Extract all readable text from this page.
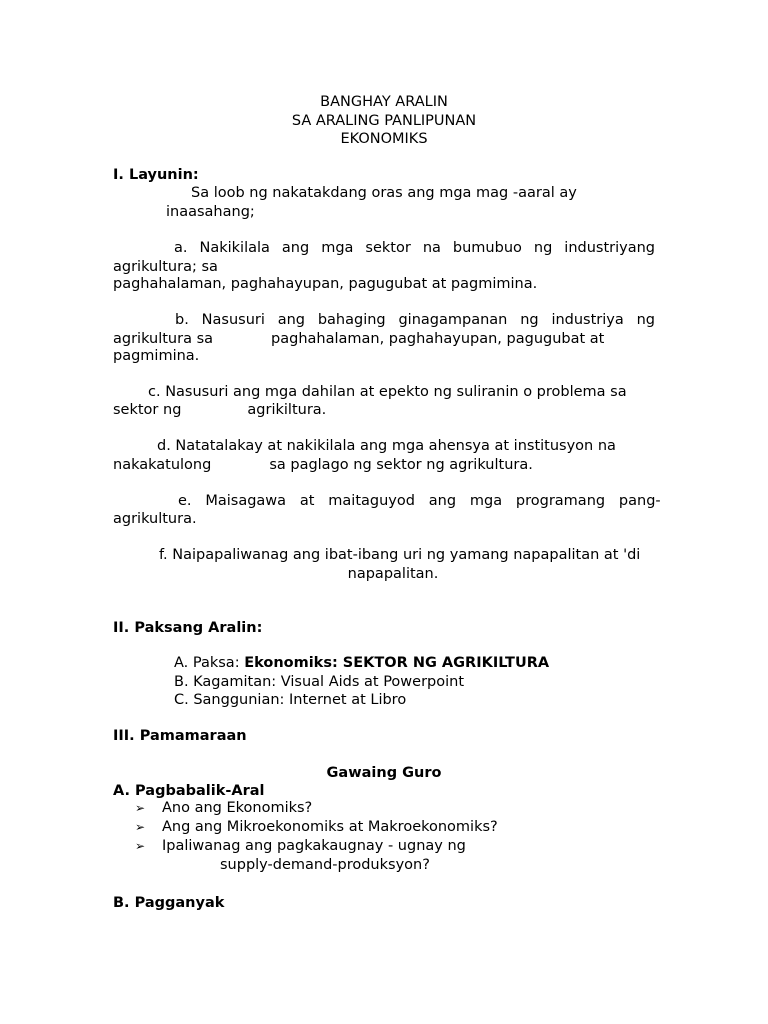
BANGHAY ARALIN
SA ARALING PANLIPUNAN
EKONOMIKS
I. Layunin:
Sa loob ng nakatakdang oras ang mga mag -aaral ay
inaasahang;
a. Nakikilala ang mga sektor na bumubuo ng industriyang agrikultura; sa
paghahalaman, paghahayupan, pagugubat at pagmimina.
b. Nasusuri ang bahaging ginagampanan ng industriya ng agrikultura sa	paghahalaman, paghahayupan, pagugubat at
pagmimina.
c. Nasusuri ang mga dahilan at epekto ng suliranin o problema sa
sektor ng	agrikiltura.
d. Natatalakay at nakikilala ang mga ahensya at institusyon na
nakakatulong	sa paglago ng sektor ng agrikultura.
e.   Maisagawa   at   maitaguyod   ang   mga   programang   pang-
agrikultura.
f. Naipapaliwanag ang ibat-ibang uri ng yamang napapalitan at 'di
napapalitan.
II. Paksang Aralin:
A. Paksa: Ekonomiks: SEKTOR NG AGRIKILTURA
B. Kagamitan: Visual Aids at Powerpoint
C. Sanggunian: Internet at Libro
III. Pamamaraan
Gawaing Guro
A. Pagbabalik-Aral
B. Pagganyak
➢ Ano ang Ekonomiks?
➢ Ang ang Mikroekonomiks at Makroekonomiks?
➢ Ipaliwanag ang pagkakaugnay - ugnay ng
supply-demand-produksyon?
